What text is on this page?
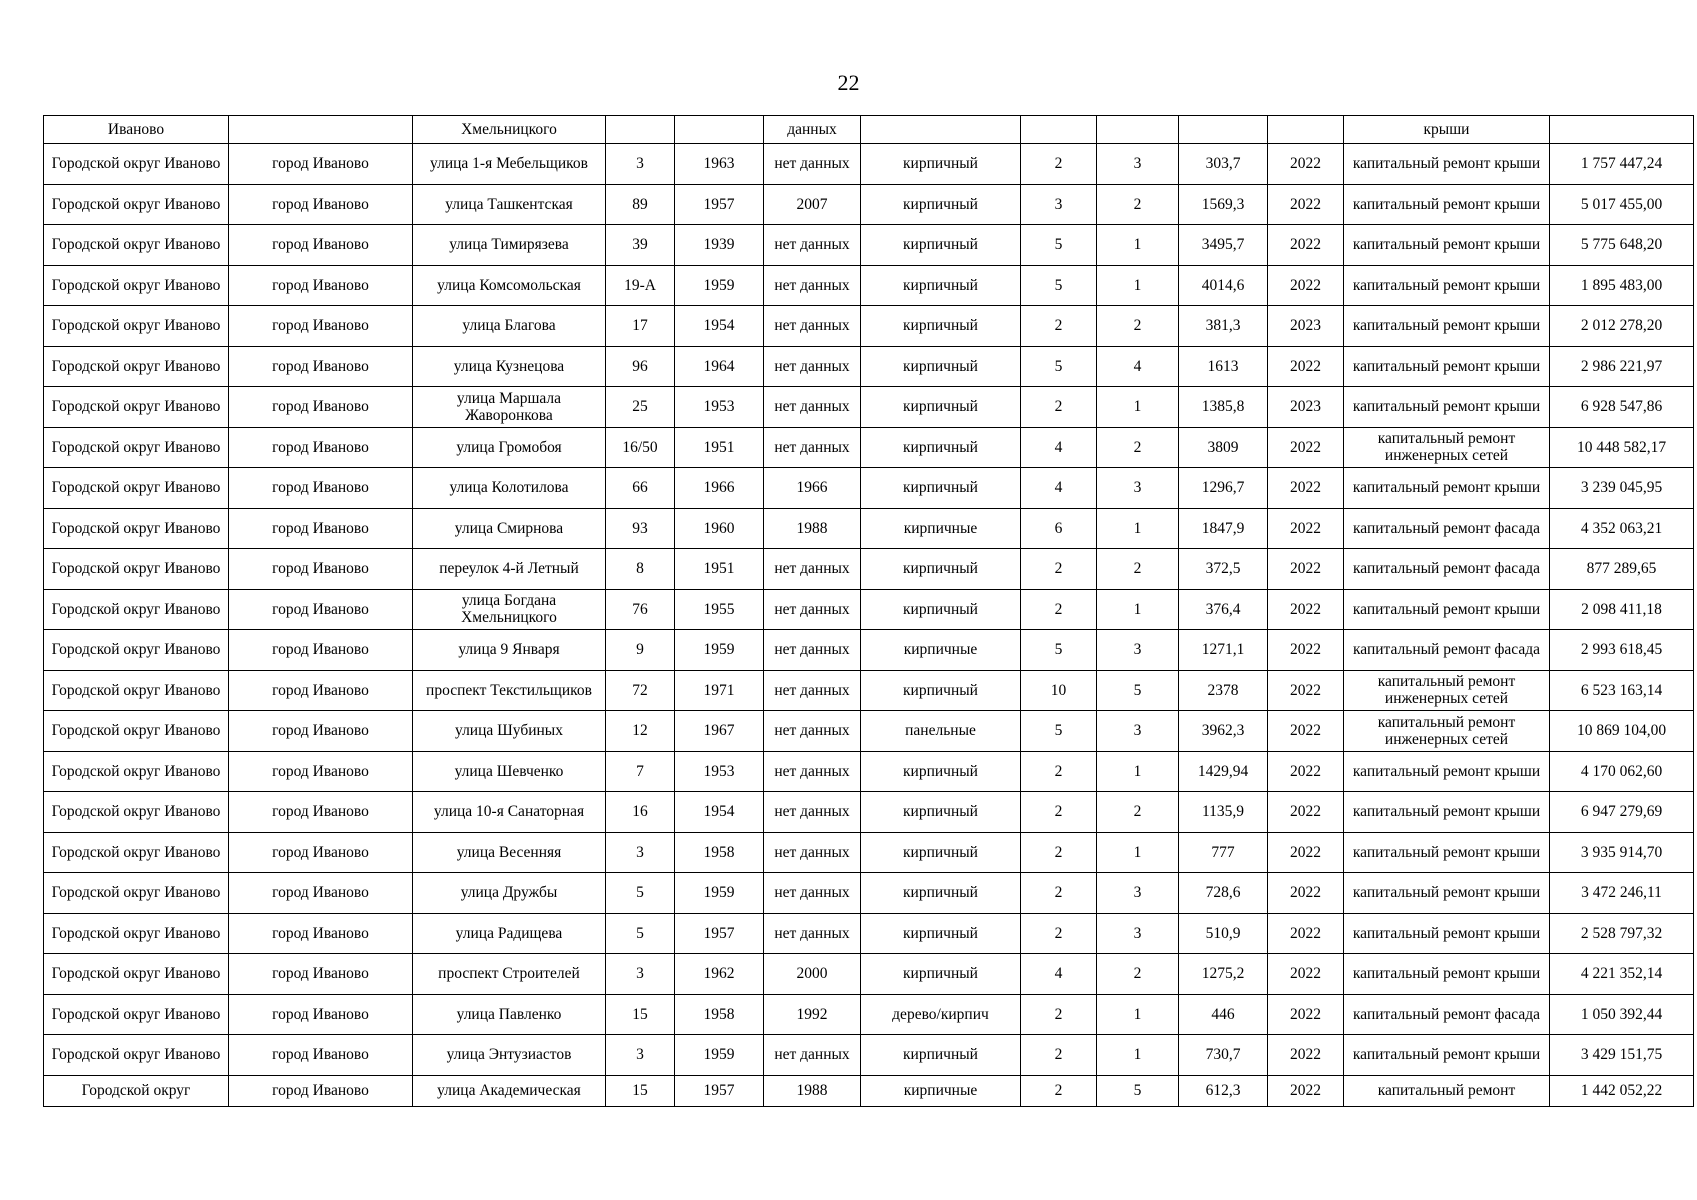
22
Иваново		Хмельницкого			данных						крыши	
Городской округ Иваново	город Иваново	улица 1-я Мебельщиков	3	1963	нет данных	кирпичный	2	3	303,7	2022	капитальный ремонт крыши	1 757 447,24
Городской округ Иваново	город Иваново	улица Ташкентская	89	1957	2007	кирпичный	3	2	1569,3	2022	капитальный ремонт крыши	5 017 455,00
Городской округ Иваново	город Иваново	улица Тимирязева	39	1939	нет данных	кирпичный	5	1	3495,7	2022	капитальный ремонт крыши	5 775 648,20
Городской округ Иваново	город Иваново	улица Комсомольская	19-А	1959	нет данных	кирпичный	5	1	4014,6	2022	капитальный ремонт крыши	1 895 483,00
Городской округ Иваново	город Иваново	улица Благова	17	1954	нет данных	кирпичный	2	2	381,3	2023	капитальный ремонт крыши	2 012 278,20
Городской округ Иваново	город Иваново	улица Кузнецова	96	1964	нет данных	кирпичный	5	4	1613	2022	капитальный ремонт крыши	2 986 221,97
Городской округ Иваново	город Иваново	улица Маршала Жаворонкова	25	1953	нет данных	кирпичный	2	1	1385,8	2023	капитальный ремонт крыши	6 928 547,86
Городской округ Иваново	город Иваново	улица Громобоя	16/50	1951	нет данных	кирпичный	4	2	3809	2022	капитальный ремонт инженерных сетей	10 448 582,17
Городской округ Иваново	город Иваново	улица Колотилова	66	1966	1966	кирпичный	4	3	1296,7	2022	капитальный ремонт крыши	3 239 045,95
Городской округ Иваново	город Иваново	улица Смирнова	93	1960	1988	кирпичные	6	1	1847,9	2022	капитальный ремонт фасада	4 352 063,21
Городской округ Иваново	город Иваново	переулок 4-й Летный	8	1951	нет данных	кирпичный	2	2	372,5	2022	капитальный ремонт фасада	877 289,65
Городской округ Иваново	город Иваново	улица Богдана Хмельницкого	76	1955	нет данных	кирпичный	2	1	376,4	2022	капитальный ремонт крыши	2 098 411,18
Городской округ Иваново	город Иваново	улица 9 Января	9	1959	нет данных	кирпичные	5	3	1271,1	2022	капитальный ремонт фасада	2 993 618,45
Городской округ Иваново	город Иваново	проспект Текстильщиков	72	1971	нет данных	кирпичный	10	5	2378	2022	капитальный ремонт инженерных сетей	6 523 163,14
Городской округ Иваново	город Иваново	улица Шубиных	12	1967	нет данных	панельные	5	3	3962,3	2022	капитальный ремонт инженерных сетей	10 869 104,00
Городской округ Иваново	город Иваново	улица Шевченко	7	1953	нет данных	кирпичный	2	1	1429,94	2022	капитальный ремонт крыши	4 170 062,60
Городской округ Иваново	город Иваново	улица 10-я Санаторная	16	1954	нет данных	кирпичный	2	2	1135,9	2022	капитальный ремонт крыши	6 947 279,69
Городской округ Иваново	город Иваново	улица Весенняя	3	1958	нет данных	кирпичный	2	1	777	2022	капитальный ремонт крыши	3 935 914,70
Городской округ Иваново	город Иваново	улица Дружбы	5	1959	нет данных	кирпичный	2	3	728,6	2022	капитальный ремонт крыши	3 472 246,11
Городской округ Иваново	город Иваново	улица Радищева	5	1957	нет данных	кирпичный	2	3	510,9	2022	капитальный ремонт крыши	2 528 797,32
Городской округ Иваново	город Иваново	проспект Строителей	3	1962	2000	кирпичный	4	2	1275,2	2022	капитальный ремонт крыши	4 221 352,14
Городской округ Иваново	город Иваново	улица Павленко	15	1958	1992	дерево/кирпич	2	1	446	2022	капитальный ремонт фасада	1 050 392,44
Городской округ Иваново	город Иваново	улица Энтузиастов	3	1959	нет данных	кирпичный	2	1	730,7	2022	капитальный ремонт крыши	3 429 151,75
Городской округ	город Иваново	улица Академическая	15	1957	1988	кирпичные	2	5	612,3	2022	капитальный ремонт	1 442 052,22
